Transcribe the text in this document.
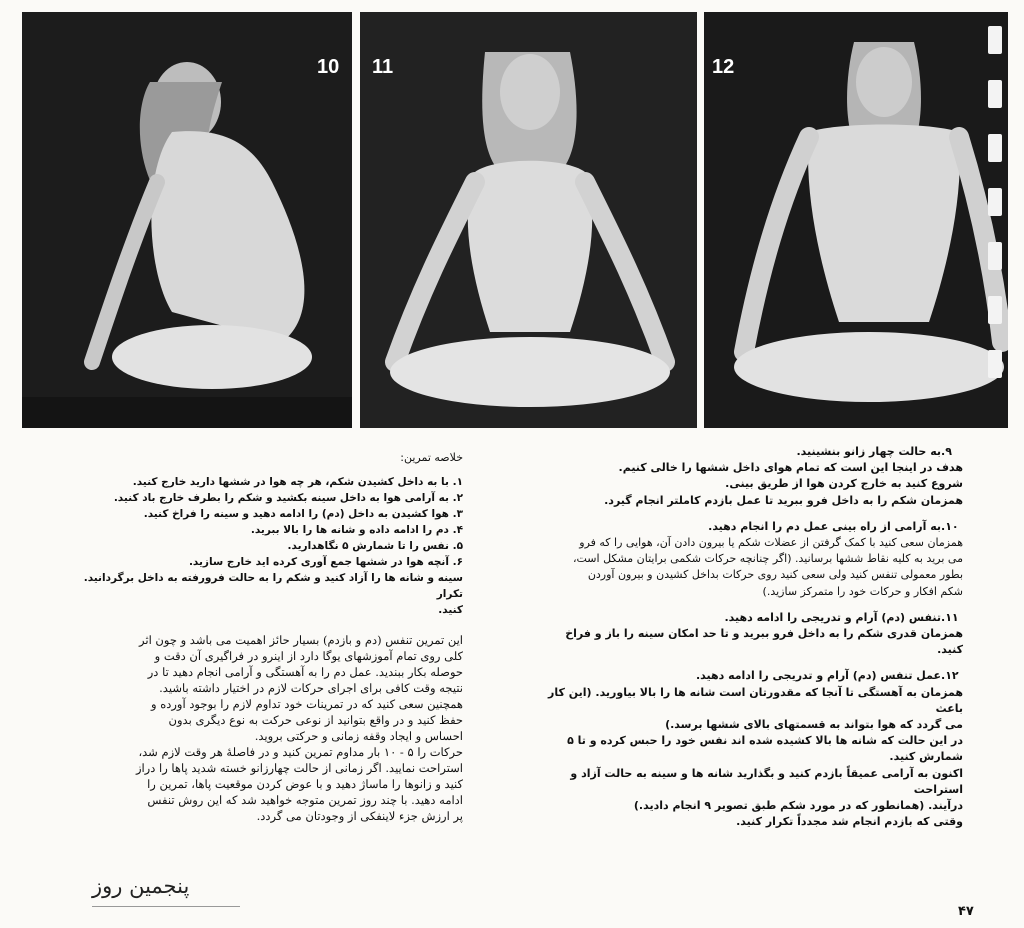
10 11	12
۹.به حالت چهار زانو بنشینید.
هدف در اینجا این است که تمام هوای داخل ششها را خالی کنیم.
شروع کنید به خارج کردن هوا از طریق بینی.
همزمان شکم را به داخل فرو ببرید تا عمل بازدم کاملتر انجام گیرد.
۱۰.به آرامی از راه بینی عمل دم را انجام دهید.
همزمان سعی کنید با کمک گرفتن از عضلات شکم یا بیرون دادن آن، هوایی را که فرو
می برید به کلیه نقاط ششها برسانید. (اگر چنانچه حرکات شکمی برایتان مشکل است،
بطور معمولی تنفس کنید ولی سعی کنید روی حرکات بداخل کشیدن و بیرون آوردن
شکم افکار و حرکات خود را متمرکز سازید.)
۱۱.تنفس (دم) آرام و تدریجی را ادامه دهید.
همزمان قدری شکم را به داخل فرو ببرید و تا حد امکان سینه را باز و فراخ کنید.
۱۲.عمل تنفس (دم) آرام و تدریجی را ادامه دهید.
همزمان به آهستگی تا آنجا که مقدورتان است شانه ها را بالا بیاورید. (این کار باعث
می گردد که هوا بتواند به قسمتهای بالای ششها برسد.)
در این حالت که شانه ها بالا کشیده شده اند نفس خود را حبس کرده و تا ۵ شمارش کنید.
اکنون به آرامی عمیقاً بازدم کنید و بگذارید شانه ها و سینه به حالت آزاد و استراحت
درآیند. (همانطور که در مورد شکم طبق تصویر ۹ انجام دادید.)
وقتی که بازدم انجام شد مجدداً تکرار کنید.
خلاصه تمرین:
۱. با به داخل کشیدن شکم، هر چه هوا در ششها دارید خارج کنید.
۲. به آرامی هوا به داخل سینه بکشید و شکم را بطرف خارج باد کنید.
۳. هوا کشیدن به داخل (دم) را ادامه دهید و سینه را فراخ کنید.
۴. دم را ادامه داده و شانه ها را بالا ببرید.
۵. نفس را تا شمارش ۵ نگاهدارید.
۶. آنچه هوا در ششها جمع آوری کرده اید خارج سازید.
سینه و شانه ها را آزاد کنید و شکم را به حالت فرورفته به داخل برگردانید. تکرار
کنید.
این تمرین تنفس (دم و بازدم) بسیار حائز اهمیت می باشد و چون اثر
کلی روی تمام آموزشهای یوگا دارد از اینرو در فراگیری آن دقت و
حوصله بکار ببندید. عمل دم را به آهستگی و آرامی انجام دهید تا در
نتیجه وقت کافی برای اجرای حرکات لازم در اختیار داشته باشید.
همچنین سعی کنید که در تمرینات خود تداوم لازم را بوجود آورده و
حفظ کنید و در واقع بتوانید از نوعی حرکت به نوع دیگری بدون
احساس و ایجاد وقفه زمانی و حرکتی بروید.
حرکات را ۵ - ۱۰ بار مداوم تمرین کنید و در فاصلهٔ هر وقت لازم شد،
استراحت نمایید. اگر زمانی از حالت چهارزانو خسته شدید پاها را دراز
کنید و زانوها را ماساژ دهید و با عوض کردن موقعیت پاها، تمرین را
ادامه دهید. با چند روز تمرین متوجه خواهید شد که این روش تنفس
پر ارزش جزء لاینفکی از وجودتان می گردد.
پنجمین روز
۴۷
